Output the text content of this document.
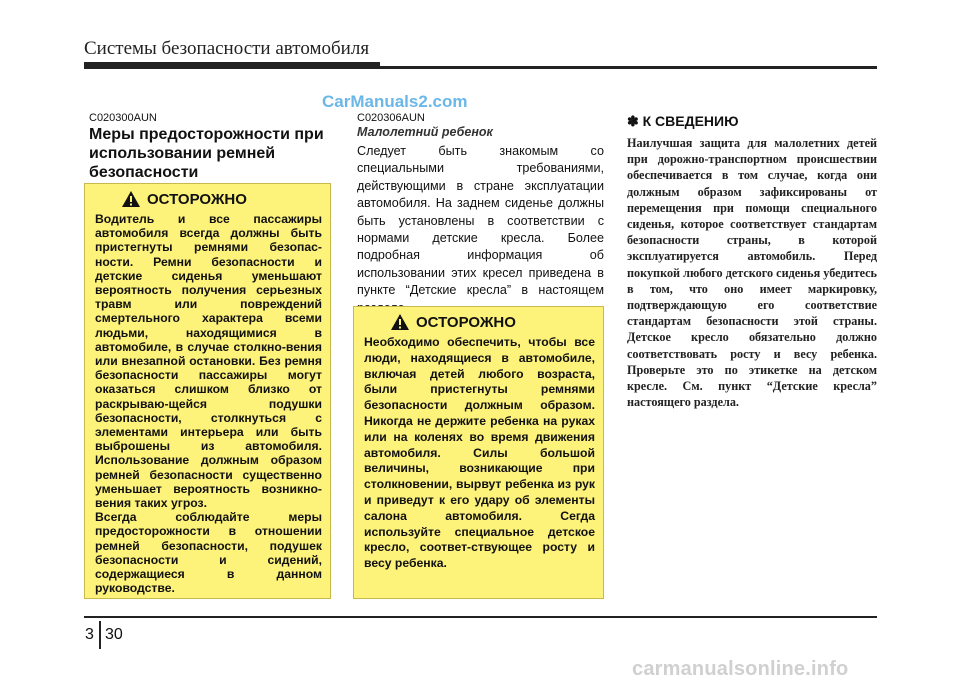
Системы безопасности автомобиля
CarManuals2.com
C020300AUN
Меры предосторожности при использовании ремней безопасности
ОСТОРОЖНО
Водитель и все пассажиры автомобиля всегда должны быть пристегнуты ремнями безопас-ности. Ремни безопасности и детские сиденья уменьшают вероятность получения серьезных травм или повреждений смертельного характера всеми людьми, находящимися в автомобиле, в случае столкно-вения или внезапной остановки. Без ремня безопасности пассажиры могут оказаться слишком близко от раскрываю-щейся подушки безопасности, столкнуться с элементами интерьера или быть выброшены из автомобиля. Использование должным образом ремней безопасности существенно уменьшает вероятность возникно-вения таких угроз.
Всегда соблюдайте меры предосторожности в отношении ремней безопасности, подушек безопасности и сидений, содержащиеся в данном руководстве.
C020306AUN
Малолетний ребенок
Следует быть знакомым со специальными требованиями, действующими в стране эксплуатации автомобиля. На заднем сиденье должны быть установлены в соответствии с нормами детские кресла. Более подробная информация об использовании этих кресел приведена в пункте “Детские кресла” в настоящем
ОСТОРОЖНО
Необходимо обеспечить, чтобы все люди, находящиеся в автомобиле, включая детей любого возраста, были пристегнуты ремнями безопасности должным образом. Никогда не держите ребенка на руках или на коленях во время движения автомобиля. Силы большой величины, возникающие при столкновении, вырвут ребенка из рук и приведут к его удару об элементы салона автомобиля. Сегда используйте специальное детское кресло, соответ-ствующее росту и весу ребенка.
✽ К СВЕДЕНИЮ
Наилучшая защита для малолетних детей при дорожно-транспортном происшествии обеспечивается в том случае, когда они должным образом зафиксированы от перемещения при помощи специального сиденья, которое соответствует стандартам безопасности страны, в которой эксплуатируется автомобиль. Перед покупкой любого детского сиденья убедитесь в том, что оно имеет маркировку, подтверждающую его соответствие стандартам безопасности этой страны. Детское кресло обязательно должно соответствовать росту и весу ребенка. Проверьте это по этикетке на детском кресле. См. пункт “Детские кресла” настоящего раздела.
3 30
carmanualsonline.info
